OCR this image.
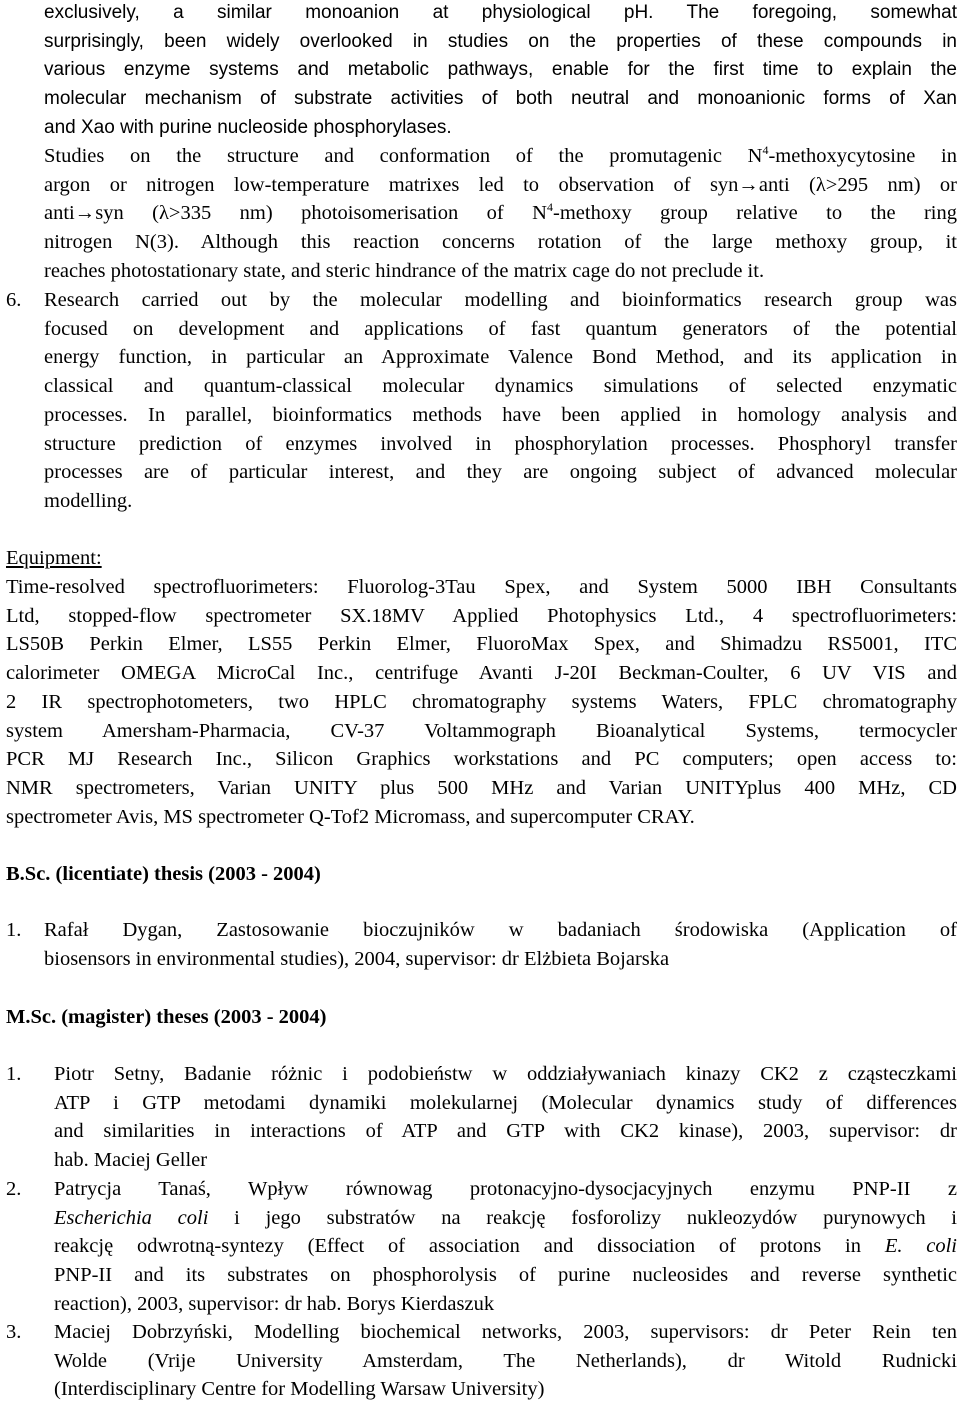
exclusively, a similar monoanion at physiological pH. The foregoing, somewhat
surprisingly, been widely overlooked in studies on the properties of these compounds in
various enzyme systems and metabolic pathways, enable for the first time to explain the
molecular mechanism of substrate activities of both neutral and monoanionic forms of Xan
and Xao with purine nucleoside phosphorylases.
Studies on the structure and conformation of the promutagenic $N^4$-methoxycytosine in
argon or nitrogen low-temperature matrixes led to observation of syn→anti (λ>295 nm) or
anti→syn (λ>335 nm) photoisomerisation of $N^4$-methoxy group relative to the ring
nitrogen N(3). Although this reaction concerns rotation of the large methoxy group, it
reaches photostationary state, and steric hindrance of the matrix cage do not preclude it.
6. Research carried out by the molecular modelling and bioinformatics research group was
focused on development and applications of fast quantum generators of the potential
energy function, in particular an Approximate Valence Bond Method, and its application in
classical and quantum-classical molecular dynamics simulations of selected enzymatic
processes. In parallel, bioinformatics methods have been applied in homology analysis and
structure prediction of enzymes involved in phosphorylation processes. Phosphoryl transfer
processes are of particular interest, and they are ongoing subject of advanced molecular
modelling.
Equipment:
Time-resolved spectrofluorimeters: Fluorolog-3Tau Spex, and System 5000 IBH Consultants
Ltd, stopped-flow spectrometer SX.18MV Applied Photophysics Ltd., 4 spectrofluorimeters:
LS50B Perkin Elmer, LS55 Perkin Elmer, FluoroMax Spex, and Shimadzu RS5001, ITC
calorimeter OMEGA MicroCal Inc., centrifuge Avanti J-20I Beckman-Coulter, 6 UV VIS and
2 IR spectrophotometers, two HPLC chromatography systems Waters, FPLC chromatography
system Amersham-Pharmacia, CV-37 Voltammograph Bioanalytical Systems, termocycler
PCR MJ Research Inc., Silicon Graphics workstations and PC computers; open access to:
NMR spectrometers, Varian UNITY plus 500 MHz and Varian UNITYplus 400 MHz, CD
spectrometer Avis, MS spectrometer Q-Tof2 Micromass, and supercomputer CRAY.
B.Sc. (licentiate) thesis (2003 - 2004)
1. Rafał Dygan, Zastosowanie bioczujników w badaniach środowiska (Application of
biosensors in environmental studies), 2004, supervisor: dr Elżbieta Bojarska
M.Sc. (magister) theses (2003 - 2004)
1. Piotr Setny, Badanie różnic i podobieństw w oddziaływaniach kinazy CK2 z cząsteczkami
ATP i GTP metodami dynamiki molekularnej (Molecular dynamics study of differences
and similarities in interactions of ATP and GTP with CK2 kinase), 2003, supervisor: dr
hab. Maciej Geller
2. Patrycja Tanaś, Wpływ równowag protonacyjno-dysocjacyjnych enzymu PNP-II z
Escherichia coli i jego substratów na reakcję fosforolizy nukleozydów purynowych i
reakcję odwrotną-syntezy (Effect of association and dissociation of protons in E. coli
PNP-II and its substrates on phosphorolysis of purine nucleosides and reverse synthetic
reaction), 2003, supervisor: dr hab. Borys Kierdaszuk
3. Maciej Dobrzyński, Modelling biochemical networks, 2003, supervisors: dr Peter Rein ten
Wolde (Vrije University Amsterdam, The Netherlands), dr Witold Rudnicki
(Interdisciplinary Centre for Modelling Warsaw University)
